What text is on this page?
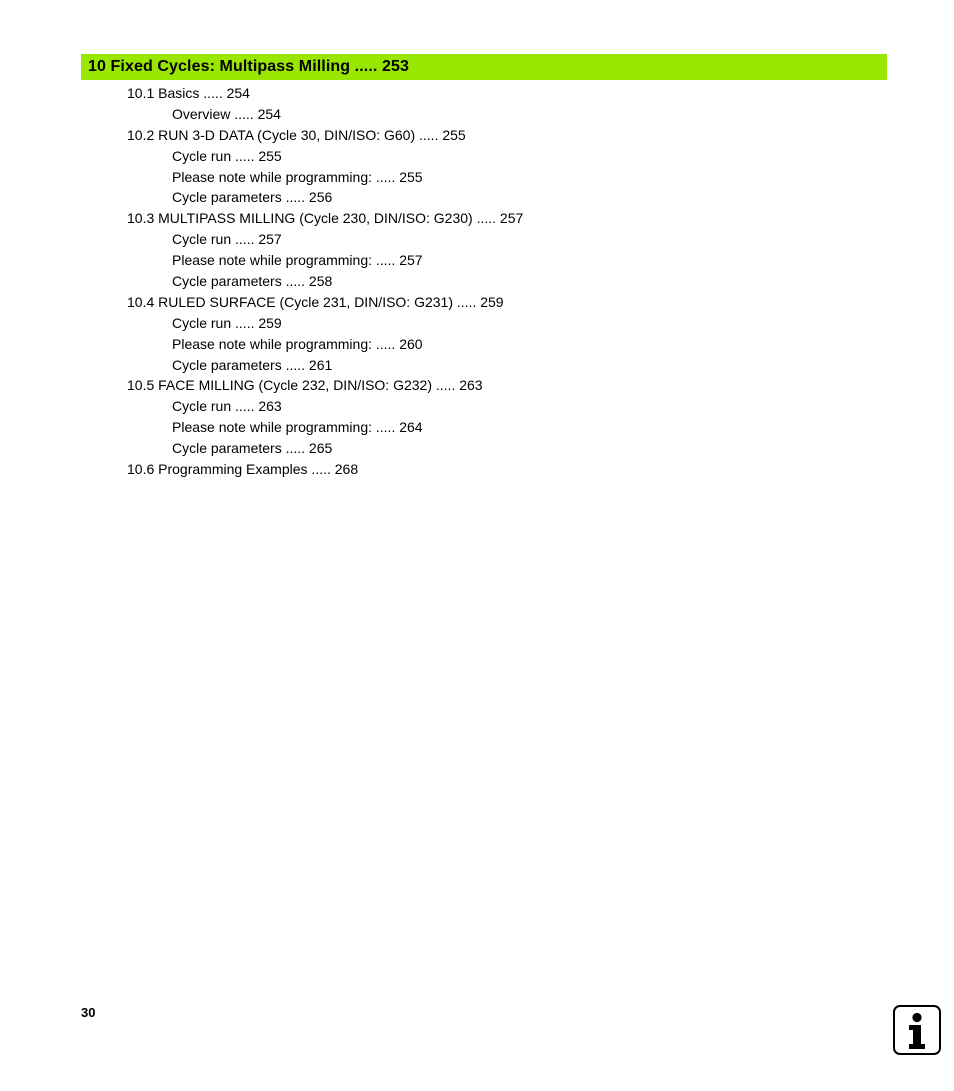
10 Fixed Cycles: Multipass Milling ..... 253
10.1 Basics ..... 254
Overview ..... 254
10.2 RUN 3-D DATA (Cycle 30, DIN/ISO: G60) ..... 255
Cycle run ..... 255
Please note while programming: ..... 255
Cycle parameters ..... 256
10.3 MULTIPASS MILLING (Cycle 230, DIN/ISO: G230) ..... 257
Cycle run ..... 257
Please note while programming: ..... 257
Cycle parameters ..... 258
10.4 RULED SURFACE (Cycle 231, DIN/ISO: G231) ..... 259
Cycle run ..... 259
Please note while programming: ..... 260
Cycle parameters ..... 261
10.5 FACE MILLING (Cycle 232, DIN/ISO: G232) ..... 263
Cycle run ..... 263
Please note while programming: ..... 264
Cycle parameters ..... 265
10.6 Programming Examples ..... 268
30
